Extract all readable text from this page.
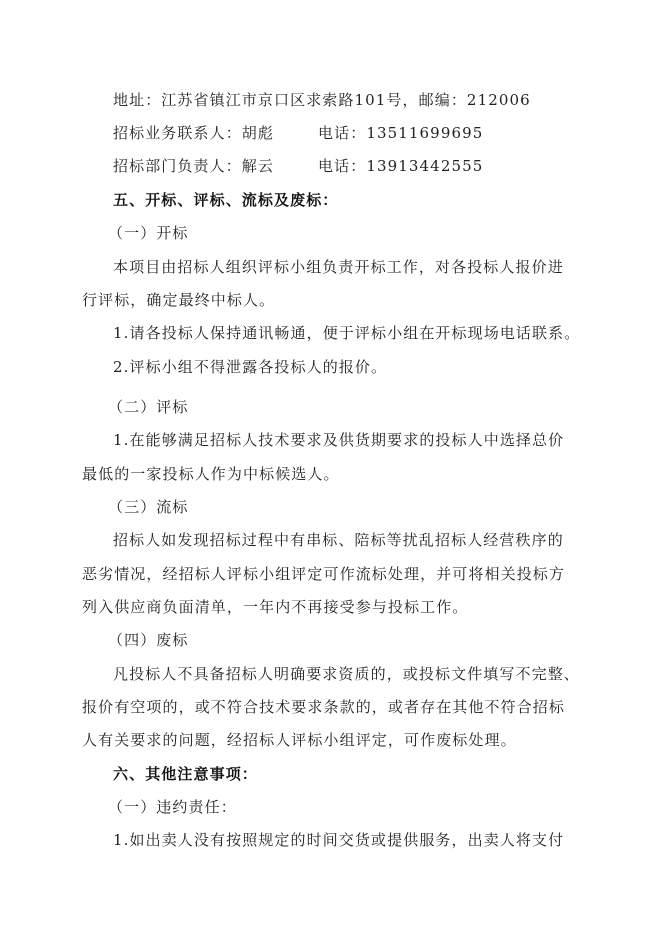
地址：江苏省镇江市京口区求索路101号，邮编：212006
招标业务联系人：胡彪	电话：13511699695
招标部门负责人：解云	电话：13913442555
五、开标、评标、流标及废标：
（一）开标
本项目由招标人组织评标小组负责开标工作，对各投标人报价进
行评标，确定最终中标人。
1.请各投标人保持通讯畅通，便于评标小组在开标现场电话联系。
2.评标小组不得泄露各投标人的报价。
（二）评标
1.在能够满足招标人技术要求及供货期要求的投标人中选择总价
最低的一家投标人作为中标候选人。
（三）流标
招标人如发现招标过程中有串标、陪标等扰乱招标人经营秩序的
恶劣情况，经招标人评标小组评定可作流标处理，并可将相关投标方
列入供应商负面清单，一年内不再接受参与投标工作。
（四）废标
凡投标人不具备招标人明确要求资质的，或投标文件填写不完整、
报价有空项的，或不符合技术要求条款的，或者存在其他不符合招标
人有关要求的问题，经招标人评标小组评定，可作废标处理。
六、其他注意事项：
（一）违约责任：
1.如出卖人没有按照规定的时间交货或提供服务，出卖人将支付
